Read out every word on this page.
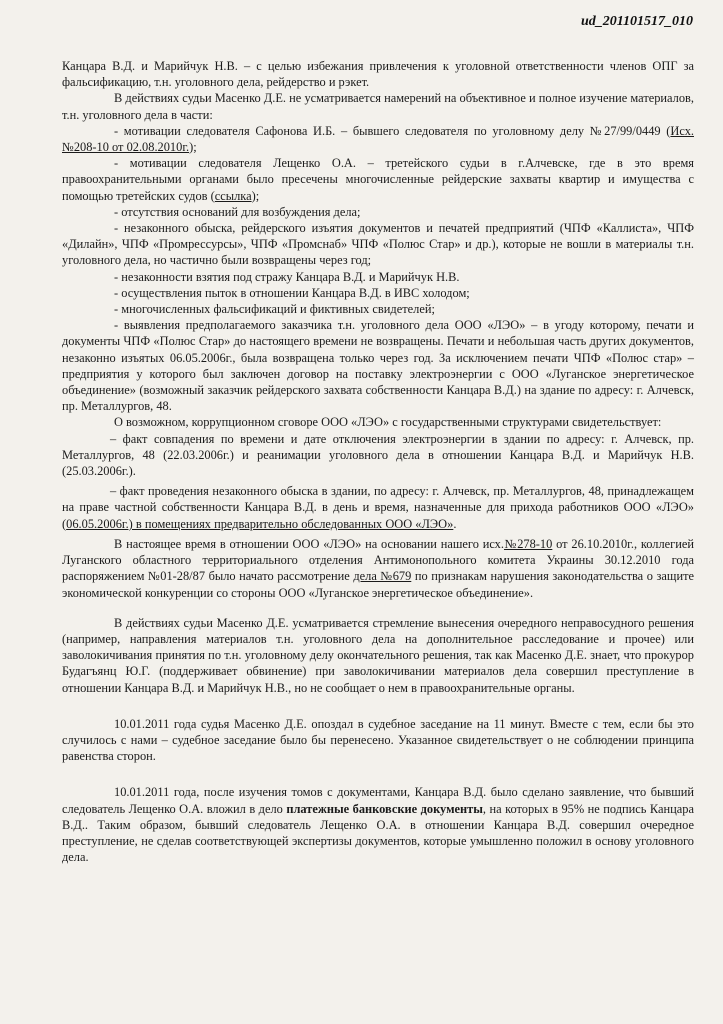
ud_201101517_010

Канцара В.Д. и Марийчук Н.В. – с целью избежания привлечения к уголовной ответственности членов ОПГ за фальсификацию, т.н. уголовного дела, рейдерство и рэкет.

В действиях судьи Масенко Д.Е. не усматривается намерений на объективное и полное изучение материалов, т.н. уголовного дела в части:

- мотивации следователя Сафонова И.Б. – бывшего следователя по уголовному делу №27/99/0449 (Исх. №208-10 от 02.08.2010г.);

- мотивации следователя Лещенко О.А. – третейского судьи в г.Алчевске, где в это время правоохранительными органами было пресечены многочисленные рейдерские захваты квартир и имущества с помощью третейских судов (ссылка);

- отсутствия оснований для возбуждения дела;

- незаконного обыска, рейдерского изъятия документов и печатей предприятий (ЧПФ «Каллиста», ЧПФ «Дилайн», ЧПФ «Промрессурсы», ЧПФ «Промснаб» ЧПФ «Полюс Стар» и др.), которые не вошли в материалы т.н. уголовного дела, но частично были возвращены через год;

- незаконности взятия под стражу Канцара В.Д. и Марийчук Н.В.

- осуществления пыток в отношении Канцара В.Д. в ИВС холодом;

- многочисленных фальсификаций и фиктивных свидетелей;

- выявления предполагаемого заказчика т.н. уголовного дела ООО «ЛЭО» – в угоду которому, печати и документы ЧПФ «Полюс Стар» до настоящего времени не возвращены. Печати и небольшая часть других документов, незаконно изъятых 06.05.2006г., была возвращена только через год. За исключением печати ЧПФ «Полюс стар» – предприятия у которого был заключен договор на поставку электроэнергии с ООО «Луганское энергетическое объединение» (возможный заказчик рейдерского захвата собственности Канцара В.Д.) на здание по адресу: г. Алчевск, пр. Металлургов, 48.

О возможном, коррупционном сговоре ООО «ЛЭО» с государственными структурами свидетельствует:

– факт совпадения по времени и дате отключения электроэнергии в здании по адресу: г. Алчевск, пр. Металлургов, 48 (22.03.2006г.) и реанимации уголовного дела в отношении Канцара В.Д. и Марийчук Н.В. (25.03.2006г.).

– факт проведения незаконного обыска в здании, по адресу: г. Алчевск, пр. Металлургов, 48, принадлежащем на праве частной собственности Канцара В.Д. в день и время, назначенные для прихода работников ООО «ЛЭО» (06.05.2006г.) в помещениях предварительно обследованных ООО «ЛЭО».

В настоящее время в отношении ООО «ЛЭО» на основании нашего исх.№278-10 от 26.10.2010г., коллегией Луганского областного территориального отделения Антимонопольного комитета Украины 30.12.2010 года распоряжением №01-28/87 было начато рассмотрение дела №679 по признакам нарушения законодательства о защите экономической конкуренции со стороны ООО «Луганское энергетическое объединение».

В действиях судьи Масенко Д.Е. усматривается стремление вынесения очередного неправосудного решения (например, направления материалов т.н. уголовного дела на дополнительное расследование и прочее) или заволокичивания принятия по т.н. уголовному делу окончательного решения, так как Масенко Д.Е. знает, что прокурор Будагъянц Ю.Г. (поддерживает обвинение) при заволокичивании материалов дела совершил преступление в отношении Канцара В.Д. и Марийчук Н.В., но не сообщает о нем в правоохранительные органы.

10.01.2011 года судья Масенко Д.Е. опоздал в судебное заседание на 11 минут. Вместе с тем, если бы это случилось с нами – судебное заседание было бы перенесено. Указанное свидетельствует о не соблюдении принципа равенства сторон.

10.01.2011 года, после изучения томов с документами, Канцара В.Д. было сделано заявление, что бывший следователь Лещенко О.А. вложил в дело платежные банковские документы, на которых в 95% не подпись Канцара В.Д.. Таким образом, бывший следователь Лещенко О.А. в отношении Канцара В.Д. совершил очередное преступление, не сделав соответствующей экспертизы документов, которые умышленно положил в основу уголовного дела.
